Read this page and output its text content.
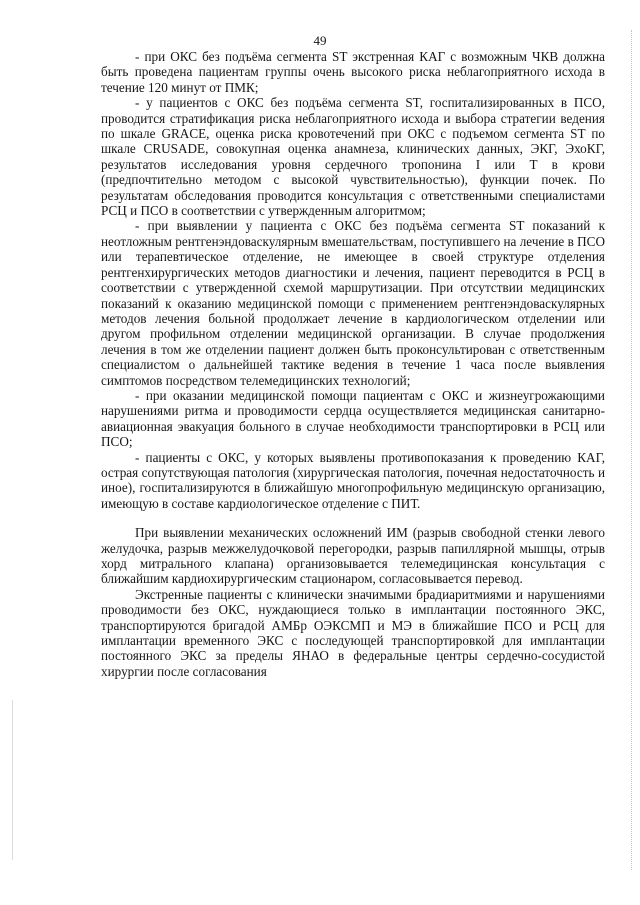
49

- при ОКС без подъёма сегмента ST экстренная КАГ с возможным ЧКВ должна быть проведена пациентам группы очень высокого риска неблагоприятного исхода в течение 120 минут от ПМК;

- у пациентов с ОКС без подъёма сегмента ST, госпитализированных в ПСО, проводится стратификация риска неблагоприятного исхода и выбора стратегии ведения по шкале GRACE, оценка риска кровотечений при ОКС с подъемом сегмента ST по шкале CRUSADE, совокупная оценка анамнеза, клинических данных, ЭКГ, ЭхоКГ, результатов исследования уровня сердечного тропонина I или T в крови (предпочтительно методом с высокой чувствительностью), функции почек. По результатам обследования проводится консультация с ответственными специалистами РСЦ и ПСО в соответствии с утвержденным алгоритмом;

- при выявлении у пациента с ОКС без подъёма сегмента ST показаний к неотложным рентгенэндоваскулярным вмешательствам, поступившего на лечение в ПСО или терапевтическое отделение, не имеющее в своей структуре отделения рентгенхирургических методов диагностики и лечения, пациент переводится в РСЦ в соответствии с утвержденной схемой маршрутизации. При отсутствии медицинских показаний к оказанию медицинской помощи с применением рентгенэндоваскулярных методов лечения больной продолжает лечение в кардиологическом отделении или другом профильном отделении медицинской организации. В случае продолжения лечения в том же отделении пациент должен быть проконсультирован с ответственным специалистом о дальнейшей тактике ведения в течение 1 часа после выявления симптомов посредством телемедицинских технологий;

- при оказании медицинской помощи пациентам с ОКС и жизнеугрожающими нарушениями ритма и проводимости сердца осуществляется медицинская санитарно-авиационная эвакуация больного в случае необходимости транспортировки в РСЦ или ПСО;

- пациенты с ОКС, у которых выявлены противопоказания к проведению КАГ, острая сопутствующая патология (хирургическая патология, почечная недостаточность и иное), госпитализируются в ближайшую многопрофильную медицинскую организацию, имеющую в составе кардиологическое отделение с ПИТ.

При выявлении механических осложнений ИМ (разрыв свободной стенки левого желудочка, разрыв межжелудочковой перегородки, разрыв папиллярной мышцы, отрыв хорд митрального клапана) организовывается телемедицинская консультация с ближайшим кардиохирургическим стационаром, согласовывается перевод.

Экстренные пациенты с клинически значимыми брадиаритмиями и нарушениями проводимости без ОКС, нуждающиеся только в имплантации постоянного ЭКС, транспортируются бригадой АМБр ОЭКСМП и МЭ в ближайшие ПСО и РСЦ для имплантации временного ЭКС с последующей транспортировкой для имплантации постоянного ЭКС за пределы ЯНАО в федеральные центры сердечно-сосудистой хирургии после согласования
